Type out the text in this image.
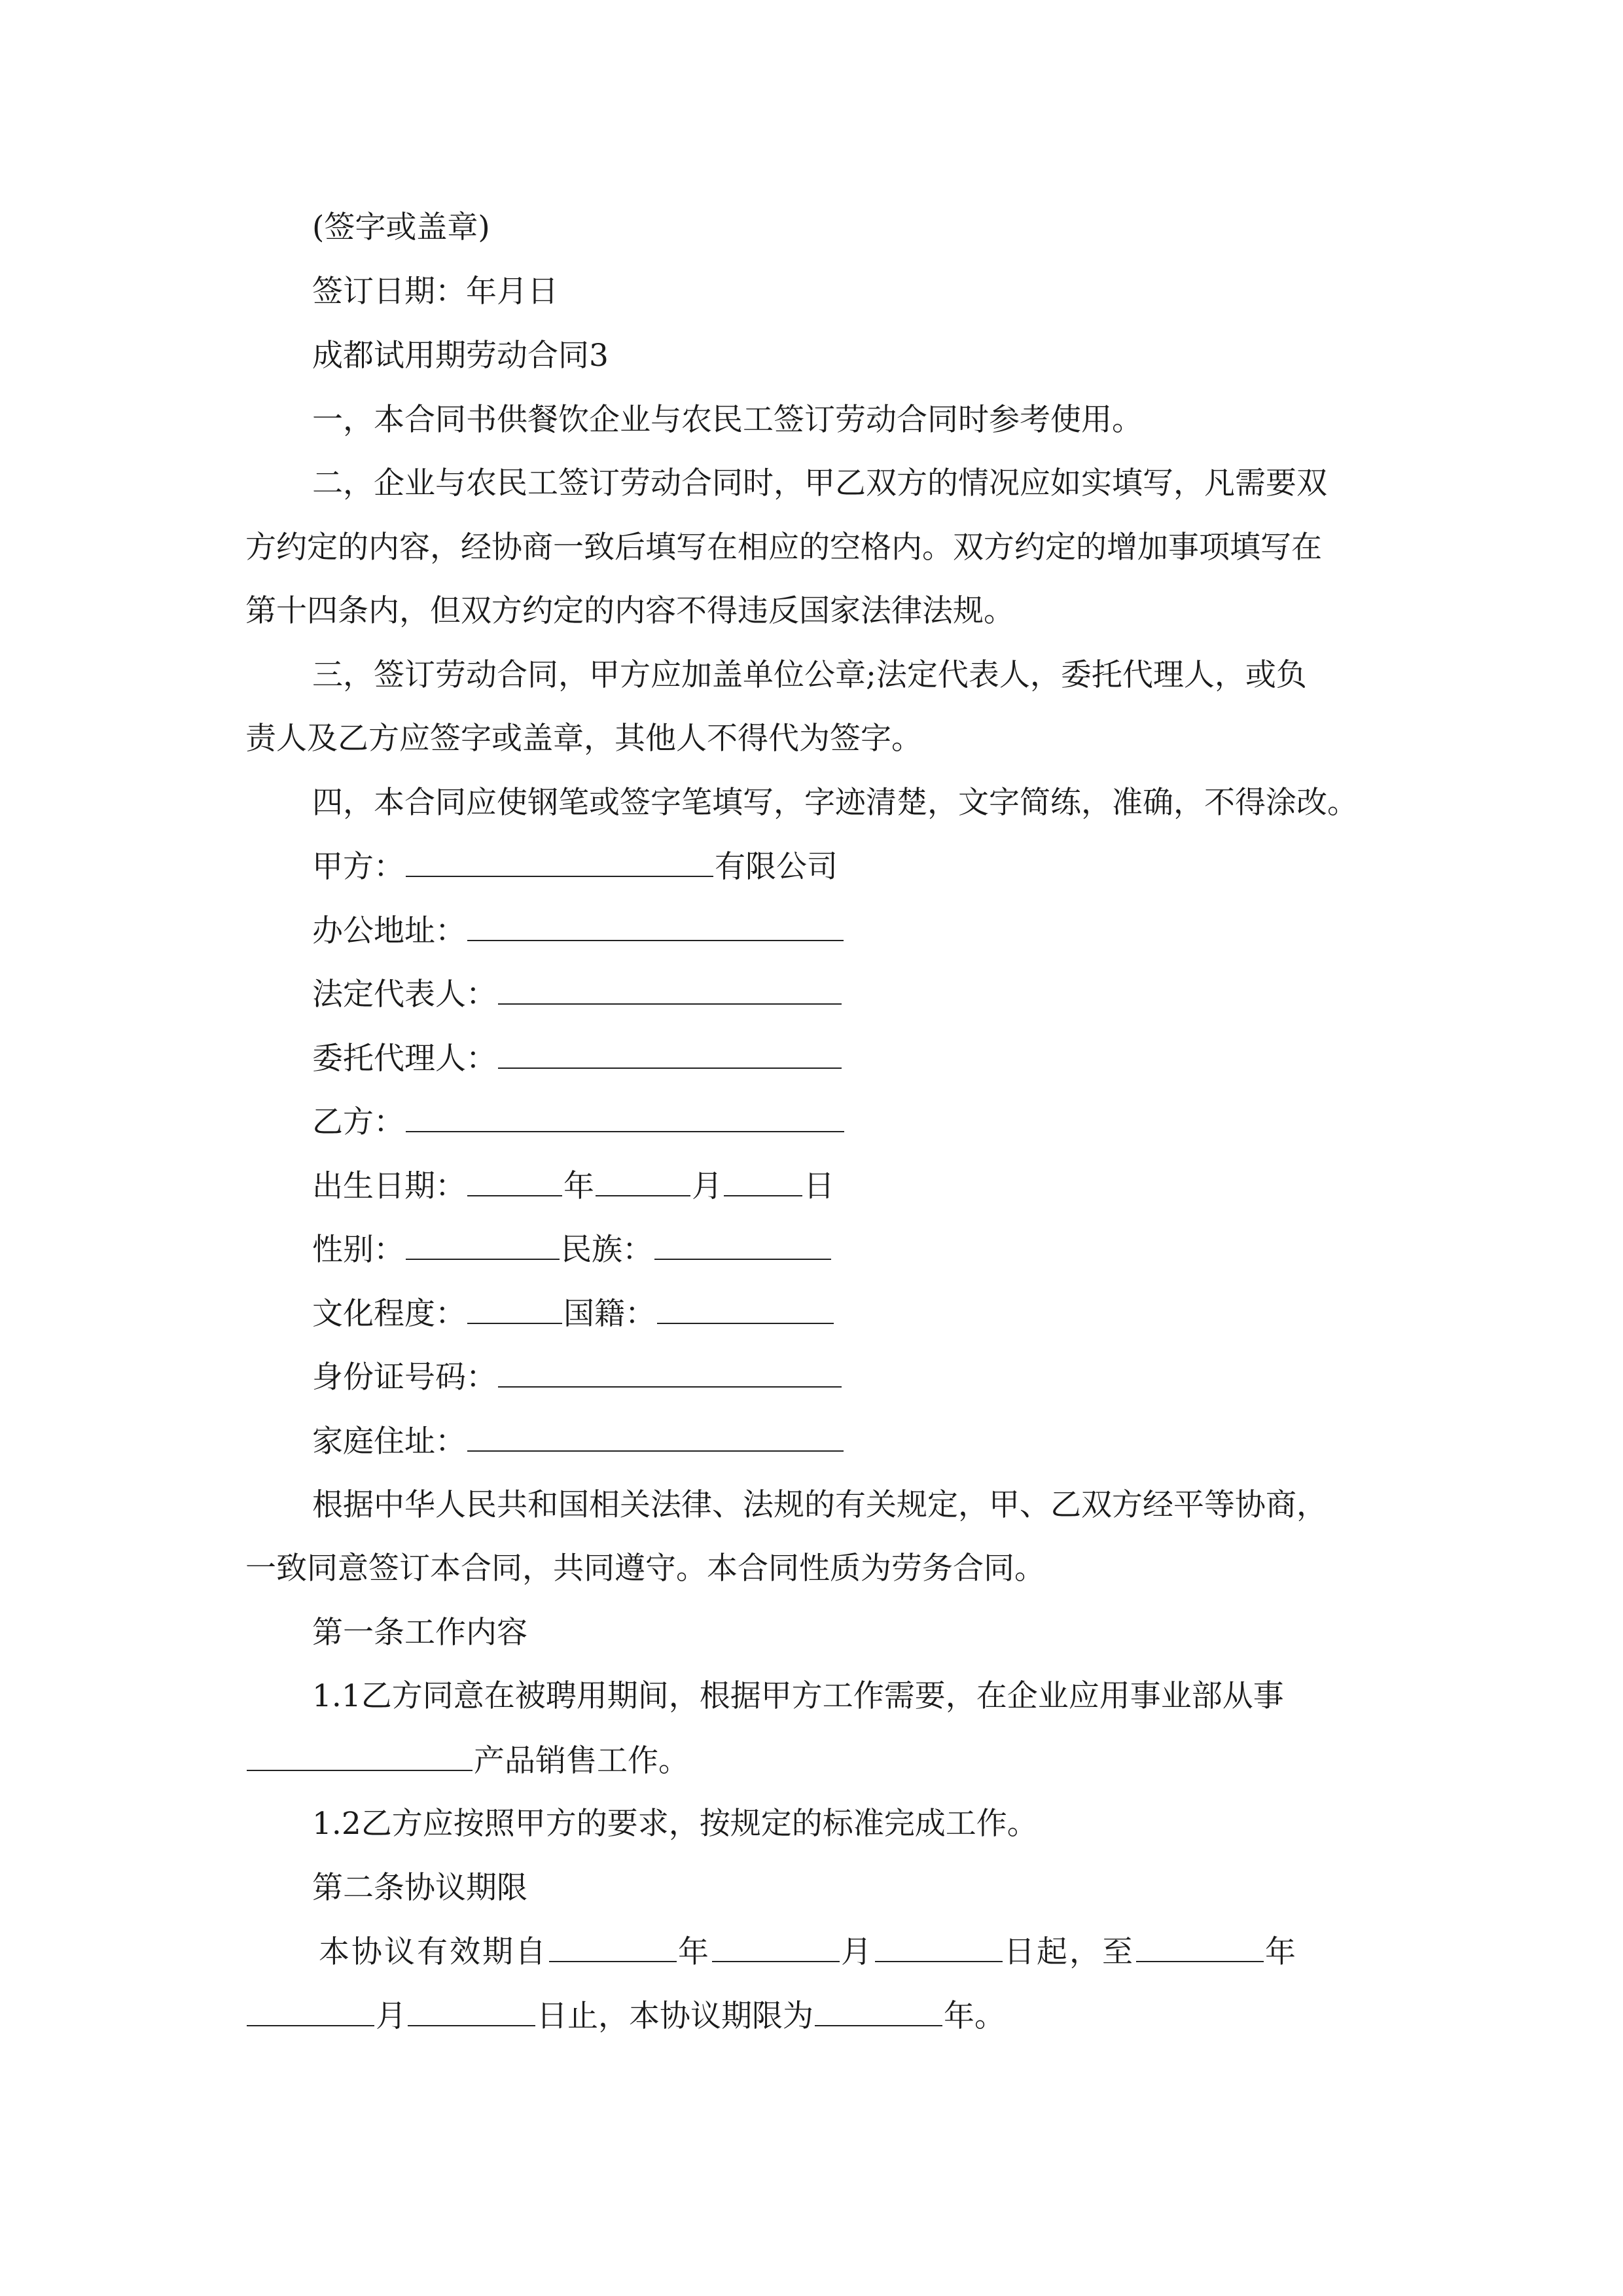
(签字或盖章)
签订日期：年月日
成都试用期劳动合同3
一，本合同书供餐饮企业与农民工签订劳动合同时参考使用。
二，企业与农民工签订劳动合同时，甲乙双方的情况应如实填写，凡需要双
方约定的内容，经协商一致后填写在相应的空格内。双方约定的增加事项填写在
第十四条内，但双方约定的内容不得违反国家法律法规。
三，签订劳动合同，甲方应加盖单位公章;法定代表人，委托代理人，或负
责人及乙方应签字或盖章，其他人不得代为签字。
四，本合同应使钢笔或签字笔填写，字迹清楚，文字简练，准确，不得涂改。
甲方：	有限公司
办公地址：
法定代表人：
委托代理人：
乙方：
出生日期：	年	月	日
性别：	民族：
文化程度：	国籍：
身份证号码：
家庭住址：
根据中华人民共和国相关法律、法规的有关规定，甲、乙双方经平等协商，
一致同意签订本合同，共同遵守。本合同性质为劳务合同。
第一条工作内容
1.1乙方同意在被聘用期间，根据甲方工作需要，在企业应用事业部从事
产品销售工作。
1.2乙方应按照甲方的要求，按规定的标准完成工作。
第二条协议期限
本协议有效期自	年	月	日起，至	年
月	日止，本协议期限为	年。
